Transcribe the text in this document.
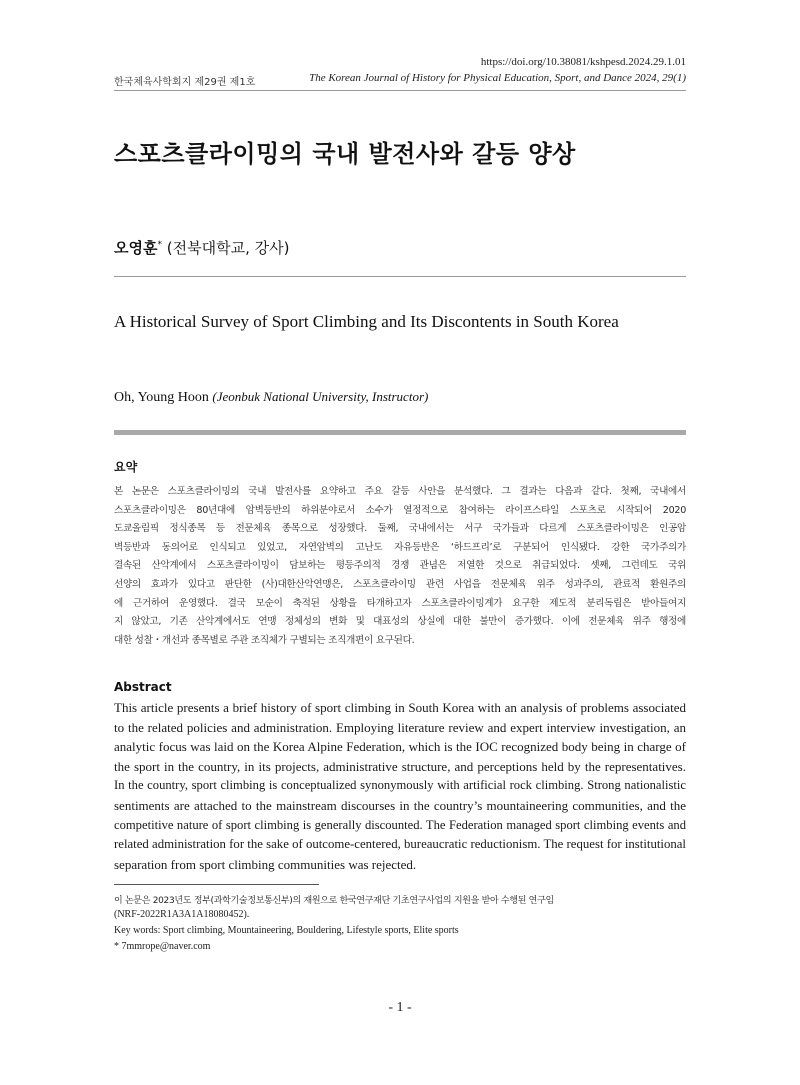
https://doi.org/10.38081/kshpesd.2024.29.1.01
한국체육사학회지 제29권 제1호	The Korean Journal of History for Physical Education, Sport, and Dance 2024, 29(1)
스포츠클라이밍의 국내 발전사와 갈등 양상
오영훈* (전북대학교, 강사)
A Historical Survey of Sport Climbing and Its Discontents in South Korea
Oh, Young Hoon (Jeonbuk National University, Instructor)
요약

본 논문은 스포츠클라이밍의 국내 발전사를 요약하고 주요 갈등 사안을 분석했다. 그 결과는 다음과 같다. 첫째, 국내에서
스포츠클라이밍은 80년대에 암벽등반의 하위분야로서 소수가 열정적으로 참여하는 라이프스타일 스포츠로 시작되어 2020
도쿄올림픽 정식종목 등 전문체육 종목으로 성장했다. 둘째, 국내에서는 서구 국가들과 다르게 스포츠클라이밍은 인공암
벽등반과 동의어로 인식되고 있었고, 자연암벽의 고난도 자유등반은 ‘하드프리’로 구분되어 인식됐다. 강한 국가주의가
결속된 산악계에서 스포츠클라이밍이 담보하는 평등주의적 경쟁 관념은 저열한 것으로 취급되었다. 셋째, 그런데도 국위
선양의 효과가 있다고 판단한 (사)대한산악연맹은, 스포츠클라이밍 관련 사업을 전문체육 위주 성과주의, 관료적 환원주의
에 근거하여 운영했다. 결국 모순이 축적된 상황을 타개하고자 스포츠클라이밍계가 요구한 제도적 분리독립은 받아들여지
지 않았고, 기존 산악계에서도 연맹 정체성의 변화 및 대표성의 상실에 대한 불만이 증가했다. 이에 전문체육 위주 행정에
대한 성찰・개선과 종목별로 주관 조직체가 구별되는 조직개편이 요구된다.

Abstract

This article presents a brief history of sport climbing in South Korea with an analysis of problems associated
to the related policies and administration. Employing literature review and expert interview investigation, an
analytic focus was laid on the Korea Alpine Federation, which is the IOC recognized body being in charge of
the sport in the country, in its projects, administrative structure, and perceptions held by the representatives.
In the country, sport climbing is conceptualized synonymously with artificial rock climbing. Strong nationalistic
sentiments are attached to the mainstream discourses in the country’s mountaineering communities, and the
competitive nature of sport climbing is generally discounted. The Federation managed sport climbing events and
related administration for the sake of outcome-centered, bureaucratic reductionism. The request for institutional
separation from sport climbing communities was rejected.

이 논문은 2023년도 정부(과학기술정보통신부)의 재원으로 한국연구재단 기초연구사업의 지원을 받아 수행된 연구임
(NRF-2022R1A3A1A18080452).
Key words: Sport climbing, Mountaineering, Bouldering, Lifestyle sports, Elite sports
* 7mmrope@naver.com
- 1 -
